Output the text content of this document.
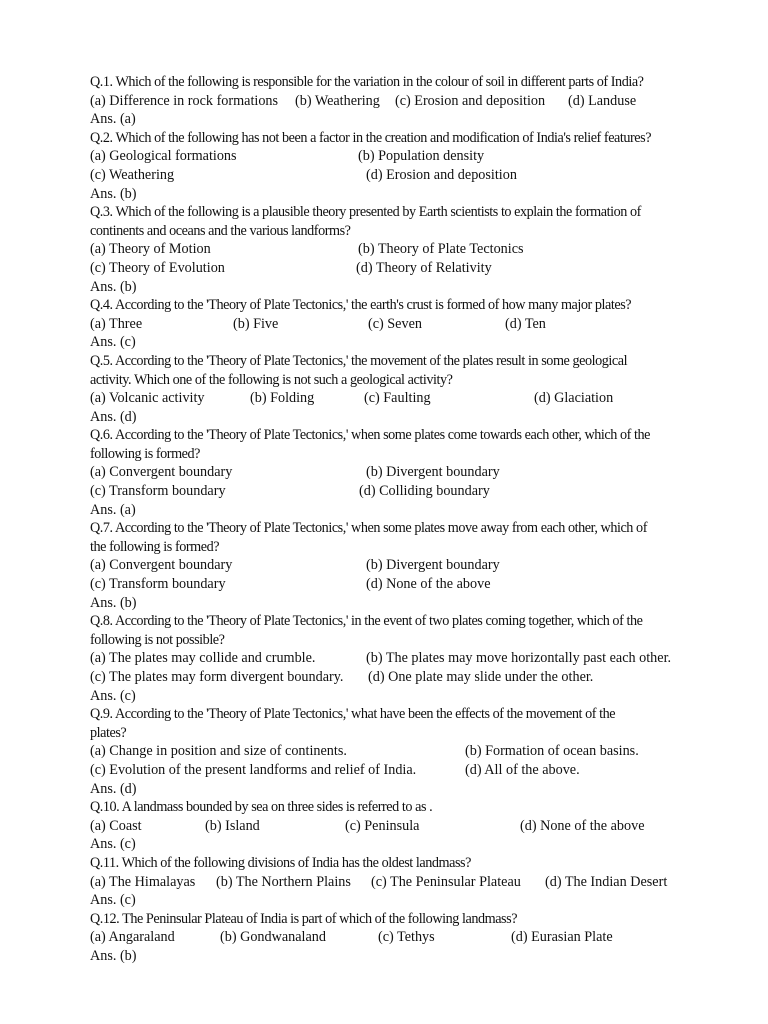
Q.1. Which of the following is responsible for the variation in the colour of soil in different parts of India?
(a) Difference in rock formations (b) Weathering (c) Erosion and deposition (d) Landuse
Ans. (a)
Q.2. Which of the following has not been a factor in the creation and modification of India's relief features?
(a) Geological formations	(b) Population density
(c) Weathering	(d) Erosion and deposition
Ans. (b)
Q.3. Which of the following is a plausible theory presented by Earth scientists to explain the formation of
continents and oceans and the various landforms?
(a) Theory of Motion	(b) Theory of Plate Tectonics
(c) Theory of Evolution	(d) Theory of Relativity
Ans. (b)
Q.4. According to the 'Theory of Plate Tectonics,' the earth's crust is formed of how many major plates?
(a) Three	(b) Five	(c) Seven	(d) Ten
Ans. (c)
Q.5. According to the 'Theory of Plate Tectonics,' the movement of the plates result in some geological
activity. Which one of the following is not such a geological activity?
(a) Volcanic activity	(b) Folding	(c) Faulting	(d) Glaciation
Ans. (d)
Q.6. According to the 'Theory of Plate Tectonics,' when some plates come towards each other, which of the
following is formed?
(a) Convergent boundary	(b) Divergent boundary
(c) Transform boundary	(d) Colliding boundary
Ans. (a)
Q.7. According to the 'Theory of Plate Tectonics,' when some plates move away from each other, which of
the following is formed?
(a) Convergent boundary	(b) Divergent boundary
(c) Transform boundary	(d) None of the above
Ans. (b)
Q.8. According to the 'Theory of Plate Tectonics,' in the event of two plates coming together, which of the
following is not possible?
(a) The plates may collide and crumble.	(b) The plates may move horizontally past each other.
(c) The plates may form divergent boundary. (d) One plate may slide under the other.
Ans. (c)
Q.9. According to the 'Theory of Plate Tectonics,' what have been the effects of the movement of the
plates?
(a) Change in position and size of continents.	(b) Formation of ocean basins.
(c) Evolution of the present landforms and relief of India.	(d) All of the above.
Ans. (d)
Q.10. A landmass bounded by sea on three sides is referred to as .
(a) Coast	(b) Island	(c) Peninsula	(d) None of the above
Ans. (c)
Q.11. Which of the following divisions of India has the oldest landmass?
(a) The Himalayas (b) The Northern Plains (c) The Peninsular Plateau (d) The Indian Desert
Ans. (c)
Q.12. The Peninsular Plateau of India is part of which of the following landmass?
(a) Angaraland	(b) Gondwanaland	(c) Tethys	(d) Eurasian Plate
Ans. (b)
